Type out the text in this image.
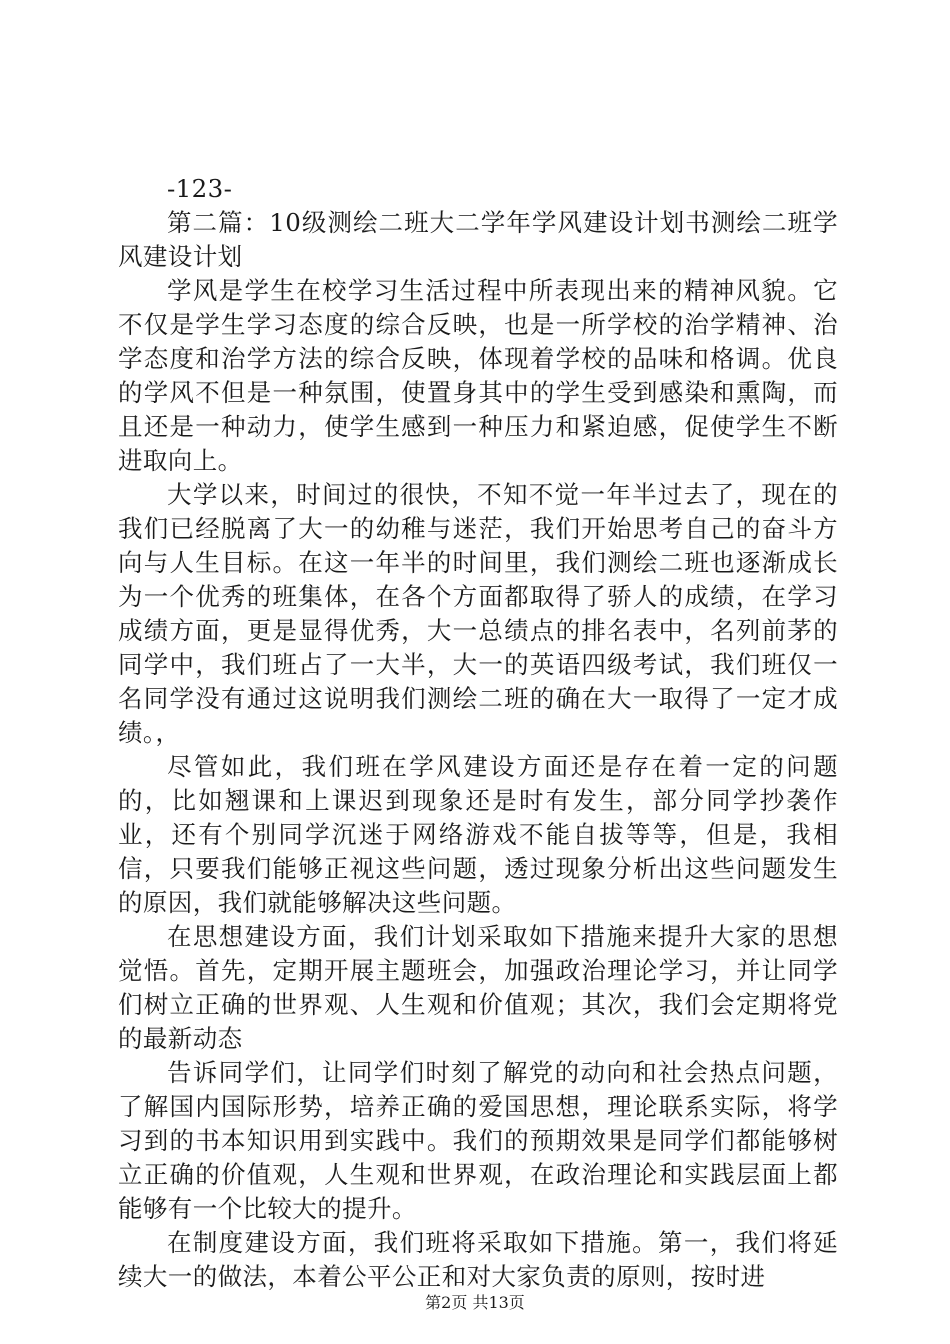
-123-

第二篇：10级测绘二班大二学年学风建设计划书测绘二班学风建设计划

学风是学生在校学习生活过程中所表现出来的精神风貌。它不仅是学生学习态度的综合反映，也是一所学校的治学精神、治学态度和治学方法的综合反映，体现着学校的品味和格调。优良的学风不但是一种氛围，使置身其中的学生受到感染和熏陶，而且还是一种动力，使学生感到一种压力和紧迫感，促使学生不断进取向上。

大学以来，时间过的很快，不知不觉一年半过去了，现在的我们已经脱离了大一的幼稚与迷茫，我们开始思考自己的奋斗方向与人生目标。在这一年半的时间里，我们测绘二班也逐渐成长为一个优秀的班集体，在各个方面都取得了骄人的成绩，在学习成绩方面，更是显得优秀，大一总绩点的排名表中，名列前茅的同学中，我们班占了一大半，大一的英语四级考试，我们班仅一名同学没有通过这说明我们测绘二班的确在大一取得了一定才成绩。，

尽管如此，我们班在学风建设方面还是存在着一定的问题的，比如翘课和上课迟到现象还是时有发生，部分同学抄袭作业，还有个别同学沉迷于网络游戏不能自拔等等，但是，我相信，只要我们能够正视这些问题，透过现象分析出这些问题发生的原因，我们就能够解决这些问题。

在思想建设方面，我们计划采取如下措施来提升大家的思想觉悟。首先，定期开展主题班会，加强政治理论学习，并让同学们树立正确的世界观、人生观和价值观；其次，我们会定期将党的最新动态

告诉同学们，让同学们时刻了解党的动向和社会热点问题，了解国内国际形势，培养正确的爱国思想，理论联系实际，将学习到的书本知识用到实践中。我们的预期效果是同学们都能够树立正确的价值观，人生观和世界观，在政治理论和实践层面上都能够有一个比较大的提升。

在制度建设方面，我们班将采取如下措施。第一，我们将延续大一的做法，本着公平公正和对大家负责的原则，按时进

第2页 共13页
